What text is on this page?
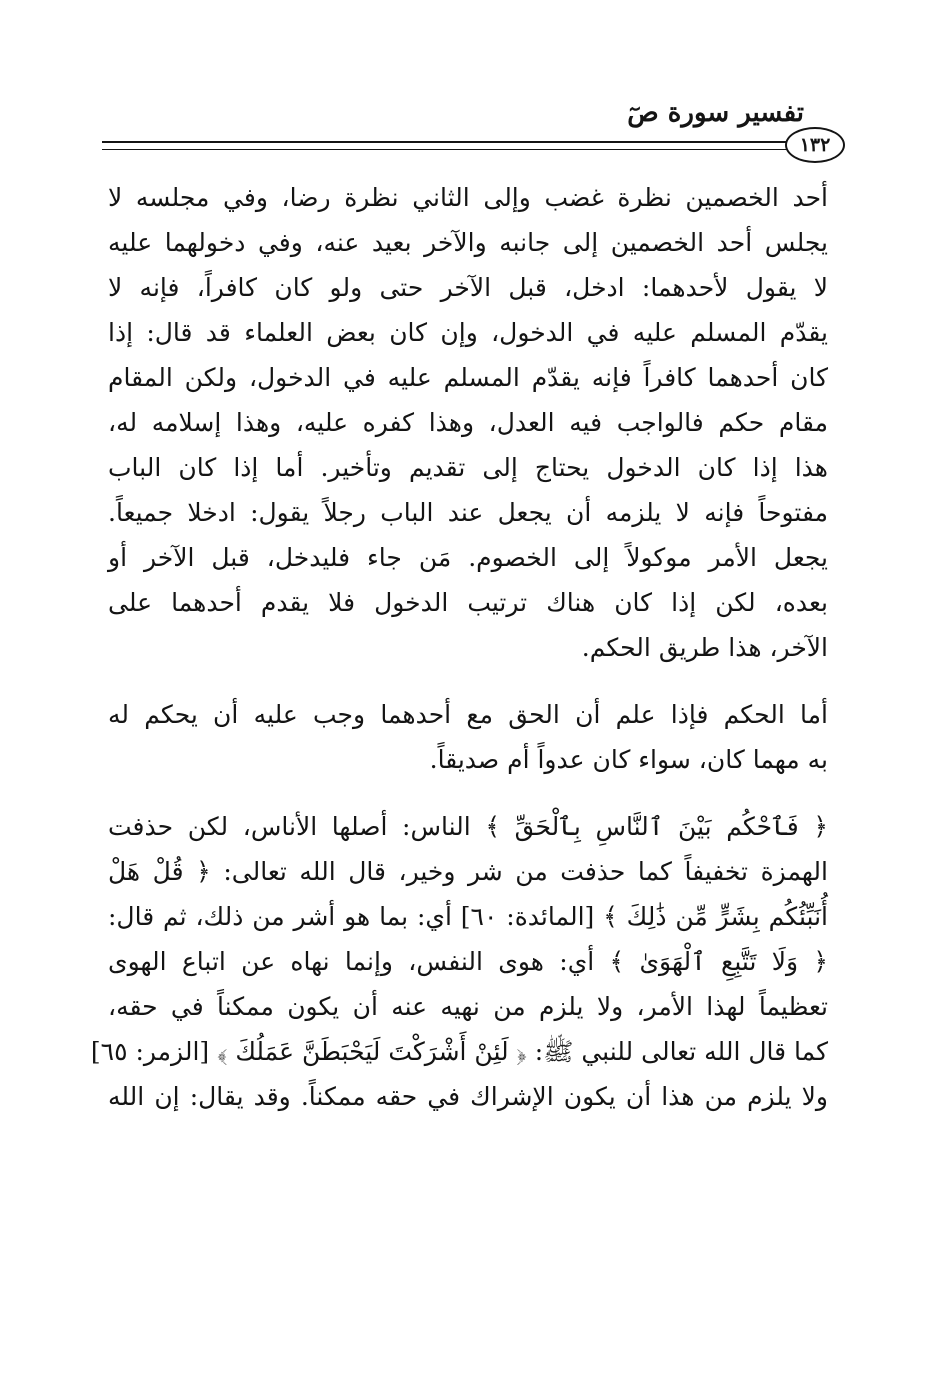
تفسير سورة صٓ
١٣٢
أحد الخصمين نظرة غضب وإلى الثاني نظرة رضا، وفي مجلسه لا
يجلس أحد الخصمين إلى جانبه والآخر بعيد عنه، وفي دخولهما عليه
لا يقول لأحدهما: ادخل، قبل الآخر حتى ولو كان كافراً، فإنه لا
يقدّم المسلم عليه في الدخول، وإن كان بعض العلماء قد قال: إذا
كان أحدهما كافراً فإنه يقدّم المسلم عليه في الدخول، ولكن المقام
مقام حكم فالواجب فيه العدل، وهذا كفره عليه، وهذا إسلامه له،
هذا إذا كان الدخول يحتاج إلى تقديم وتأخير. أما إذا كان الباب
مفتوحاً فإنه لا يلزمه أن يجعل عند الباب رجلاً يقول: ادخلا جميعاً.
يجعل الأمر موكولاً إلى الخصوم. مَن جاء فليدخل، قبل الآخر أو
بعده، لكن إذا كان هناك ترتيب الدخول فلا يقدم أحدهما على
الآخر، هذا طريق الحكم.
أما الحكم فإذا علم أن الحق مع أحدهما وجب عليه أن يحكم له
به مهما كان، سواء كان عدواً أم صديقاً.
﴿ فَٱحْكُم بَيْنَ ٱلنَّاسِ بِٱلْحَقِّ ﴾ الناس: أصلها الأناس، لكن حذفت
الهمزة تخفيفاً كما حذفت من شر وخير، قال الله تعالى: ﴿ قُلْ هَلْ
أُنَبِّئُكُم بِشَرٍّ مِّن ذَٰلِكَ ﴾ [المائدة: ٦٠] أي: بما هو أشر من ذلك، ثم قال:
﴿ وَلَا تَتَّبِعِ ٱلْهَوَىٰ ﴾ أي: هوى النفس، وإنما نهاه عن اتباع الهوى
تعظيماً لهذا الأمر، ولا يلزم من نهيه عنه أن يكون ممكناً في حقه،
كما قال الله تعالى للنبي ﷺ: ﴿ لَئِنْ أَشْرَكْتَ لَيَحْبَطَنَّ عَمَلُكَ ﴾ [الزمر: ٦٥]
ولا يلزم من هذا أن يكون الإشراك في حقه ممكناً. وقد يقال: إن الله
